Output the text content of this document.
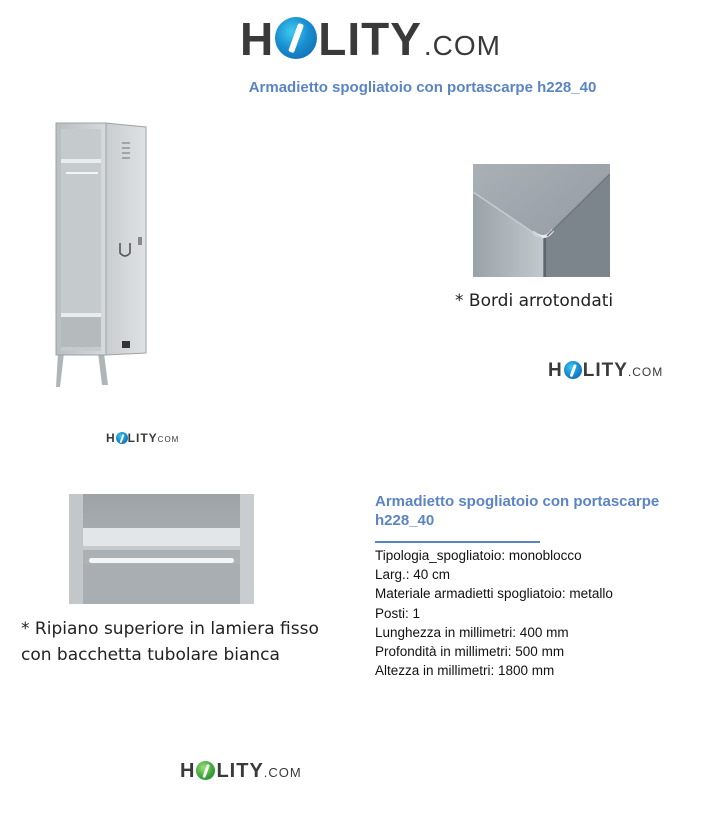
H LITY .COM
Armadietto spogliatoio con portascarpe h228_40
H LITY COM
* Bordi arrotondati
H LITY .COM
* Ripiano superiore in lamiera fisso
con bacchetta tubolare bianca
H LITY .COM
Armadietto spogliatoio con portascarpe h228_40
Tipologia_spogliatoio: monoblocco
Larg.: 40 cm
Materiale armadietti spogliatoio: metallo
Posti: 1
Lunghezza in millimetri: 400 mm
Profondità in millimetri: 500 mm
Altezza in millimetri: 1800 mm
